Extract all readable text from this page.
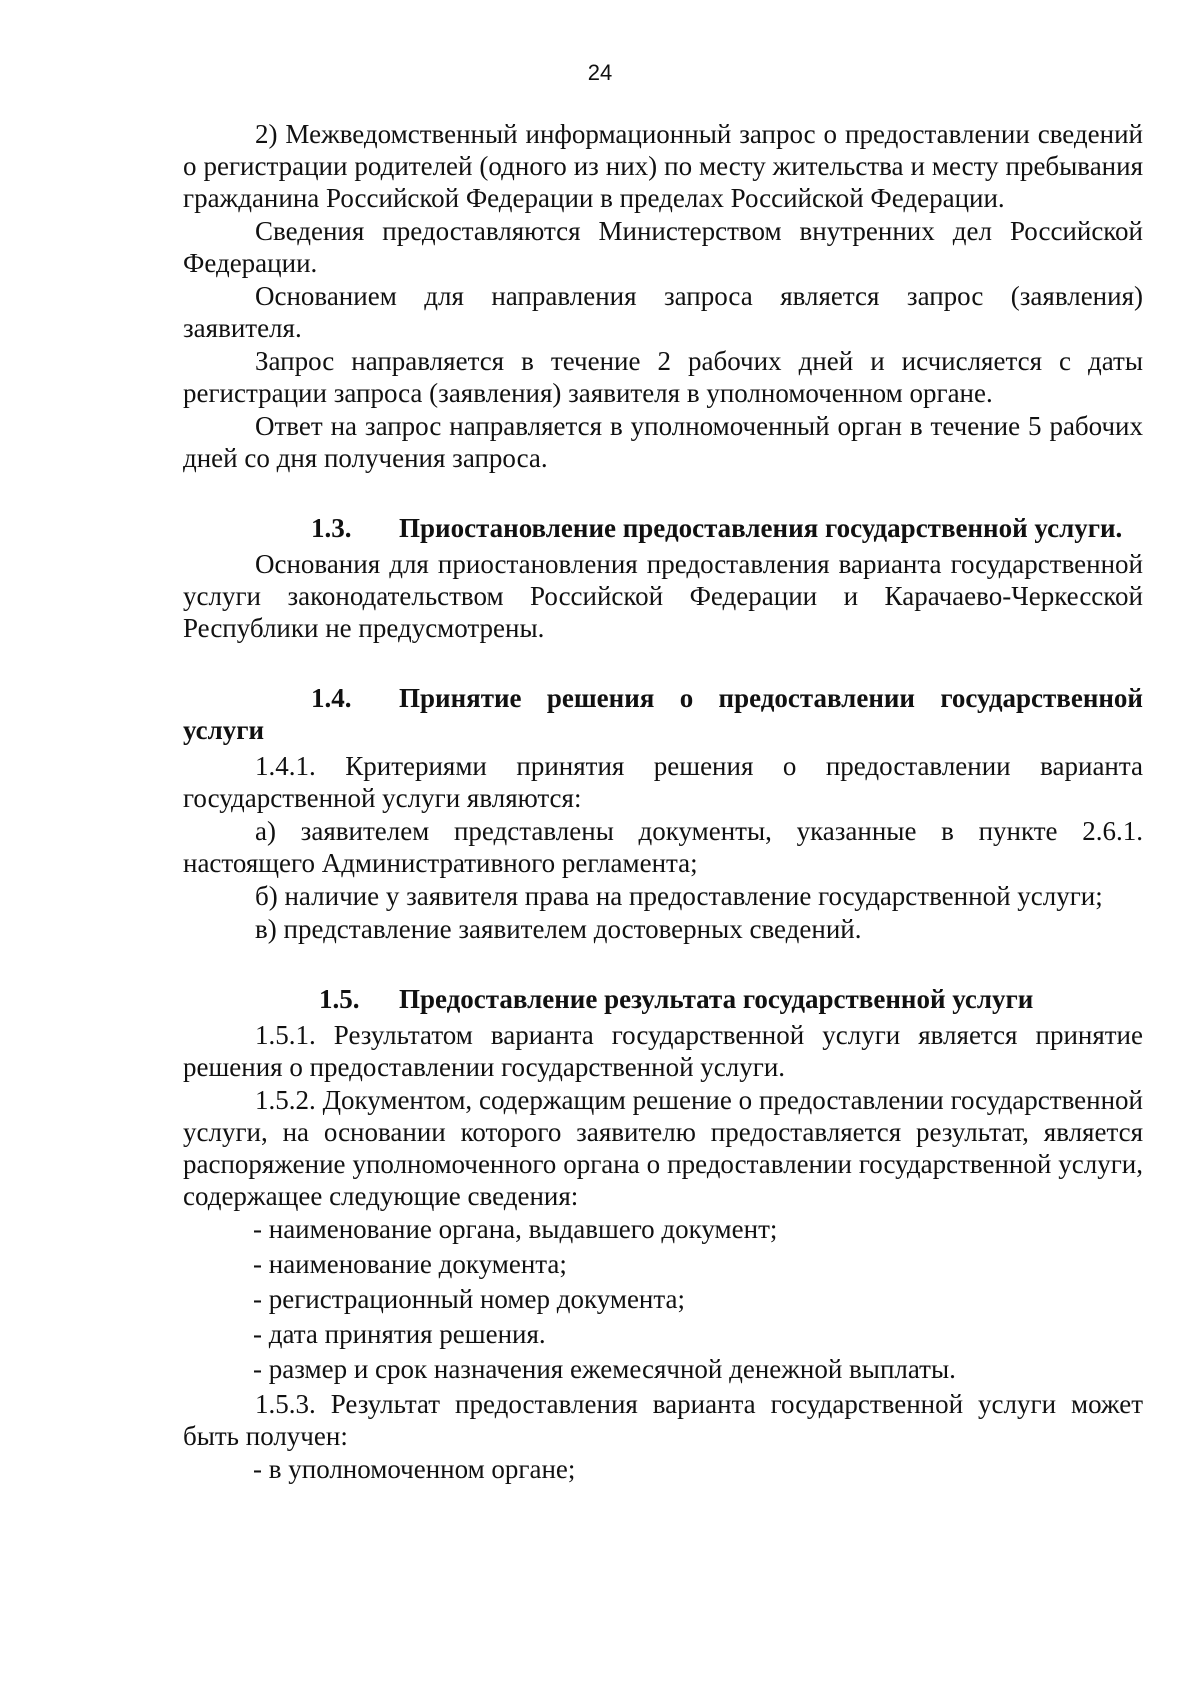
24

2) Межведомственный информационный запрос о предоставлении сведений о регистрации родителей (одного из них) по месту жительства и месту пребывания гражданина Российской Федерации в пределах Российской Федерации.

Сведения предоставляются Министерством внутренних дел Российской Федерации.

Основанием для направления запроса является запрос (заявления) заявителя.

Запрос направляется в течение 2 рабочих дней и исчисляется с даты регистрации запроса (заявления) заявителя в уполномоченном органе.

Ответ на запрос направляется в уполномоченный орган в течение 5 рабочих дней со дня получения запроса.

1.3. Приостановление предоставления государственной услуги.

Основания для приостановления предоставления варианта государственной услуги законодательством Российской Федерации и Карачаево-Черкесской Республики не предусмотрены.

1.4. Принятие решения о предоставлении государственной услуги

1.4.1. Критериями принятия решения о предоставлении варианта государственной услуги являются:

а) заявителем представлены документы, указанные в пункте 2.6.1. настоящего Административного регламента;

б) наличие у заявителя права на предоставление государственной услуги;

в) представление заявителем достоверных сведений.

1.5. Предоставление результата государственной услуги

1.5.1. Результатом варианта государственной услуги является принятие решения о предоставлении государственной услуги.

1.5.2. Документом, содержащим решение о предоставлении государственной услуги, на основании которого заявителю предоставляется результат, является распоряжение уполномоченного органа о предоставлении государственной услуги, содержащее следующие сведения:

- наименование органа, выдавшего документ;

- наименование документа;

- регистрационный номер документа;

- дата принятия решения.

- размер и срок назначения ежемесячной денежной выплаты.

1.5.3. Результат предоставления варианта государственной услуги может быть получен:

- в уполномоченном органе;
